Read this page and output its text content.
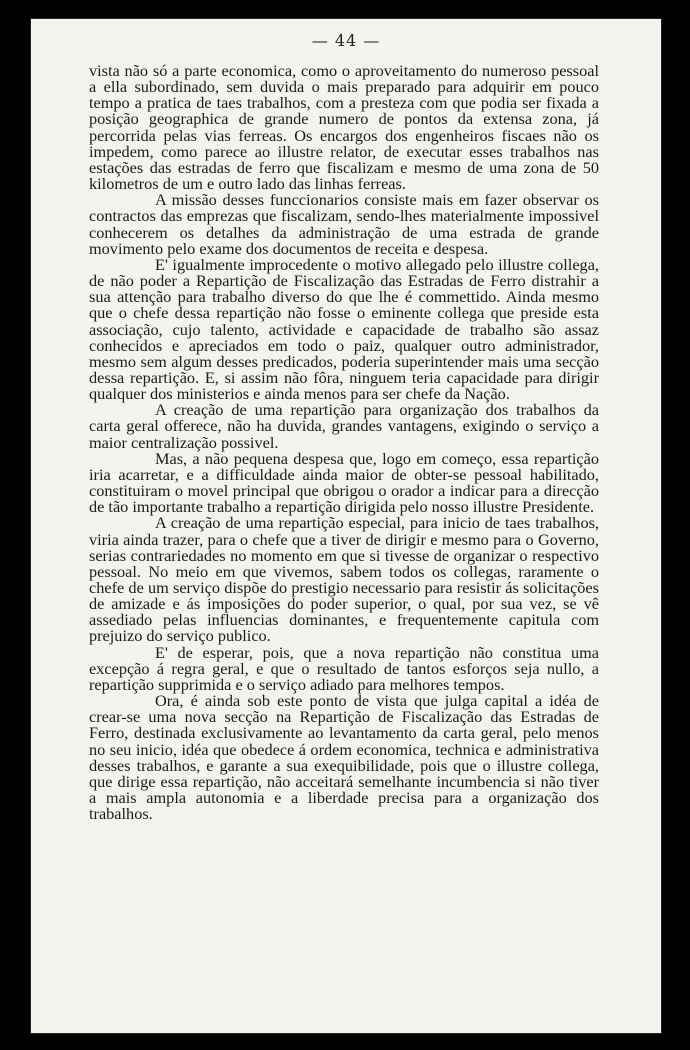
— 44 —

vista não só a parte economica, como o aproveitamento do numeroso pessoal a ella subordinado, sem duvida o mais preparado para adquirir em pouco tempo a pratica de taes trabalhos, com a presteza com que podia ser fixada a posição geographica de grande numero de pontos da extensa zona, já percorrida pelas vias ferreas. Os encargos dos engenheiros fiscaes não os impedem, como parece ao illustre relator, de executar esses trabalhos nas estações das estradas de ferro que fiscalizam e mesmo de uma zona de 50 kilometros de um e outro lado das linhas ferreas.

A missão desses funccionarios consiste mais em fazer observar os contractos das emprezas que fiscalizam, sendo-lhes materialmente impossivel conhecerem os detalhes da administração de uma estrada de grande movimento pelo exame dos documentos de receita e despesa.

E' igualmente improcedente o motivo allegado pelo illustre collega, de não poder a Repartição de Fiscalização das Estradas de Ferro distrahir a sua attenção para trabalho diverso do que lhe é commettido. Ainda mesmo que o chefe dessa repartição não fosse o eminente collega que preside esta associação, cujo talento, actividade e capacidade de trabalho são assaz conhecidos e apreciados em todo o paiz, qualquer outro administrador, mesmo sem algum desses predicados, poderia superintender mais uma secção dessa repartição. E, si assim não fôra, ninguem teria capacidade para dirigir qualquer dos ministerios e ainda menos para ser chefe da Nação.

A creação de uma repartição para organização dos trabalhos da carta geral offerece, não ha duvida, grandes vantagens, exigindo o serviço a maior centralização possivel.

Mas, a não pequena despesa que, logo em começo, essa repartição iria acarretar, e a difficuldade ainda maior de obter-se pessoal habilitado, constituiram o movel principal que obrigou o orador a indicar para a direcção de tão importante trabalho a repartição dirigida pelo nosso illustre Presidente.

A creação de uma repartição especial, para inicio de taes trabalhos, viria ainda trazer, para o chefe que a tiver de dirigir e mesmo para o Governo, serias contrariedades no momento em que si tivesse de organizar o respectivo pessoal. No meio em que vivemos, sabem todos os collegas, raramente o chefe de um serviço dispõe do prestigio necessario para resistir ás solicitações de amizade e ás imposições do poder superior, o qual, por sua vez, se vê assediado pelas influencias dominantes, e frequentemente capitula com prejuizo do serviço publico.

E' de esperar, pois, que a nova repartição não constitua uma excepção á regra geral, e que o resultado de tantos esforços seja nullo, a repartição supprimida e o serviço adiado para melhores tempos.

Ora, é ainda sob este ponto de vista que julga capital a idéa de crear-se uma nova secção na Repartição de Fiscalização das Estradas de Ferro, destinada exclusivamente ao levantamento da carta geral, pelo menos no seu inicio, idéa que obedece á ordem economica, technica e administrativa desses trabalhos, e garante a sua exequibilidade, pois que o illustre collega, que dirige essa repartição, não acceitará semelhante incumbencia si não tiver a mais ampla autonomia e a liberdade precisa para a organização dos trabalhos.
